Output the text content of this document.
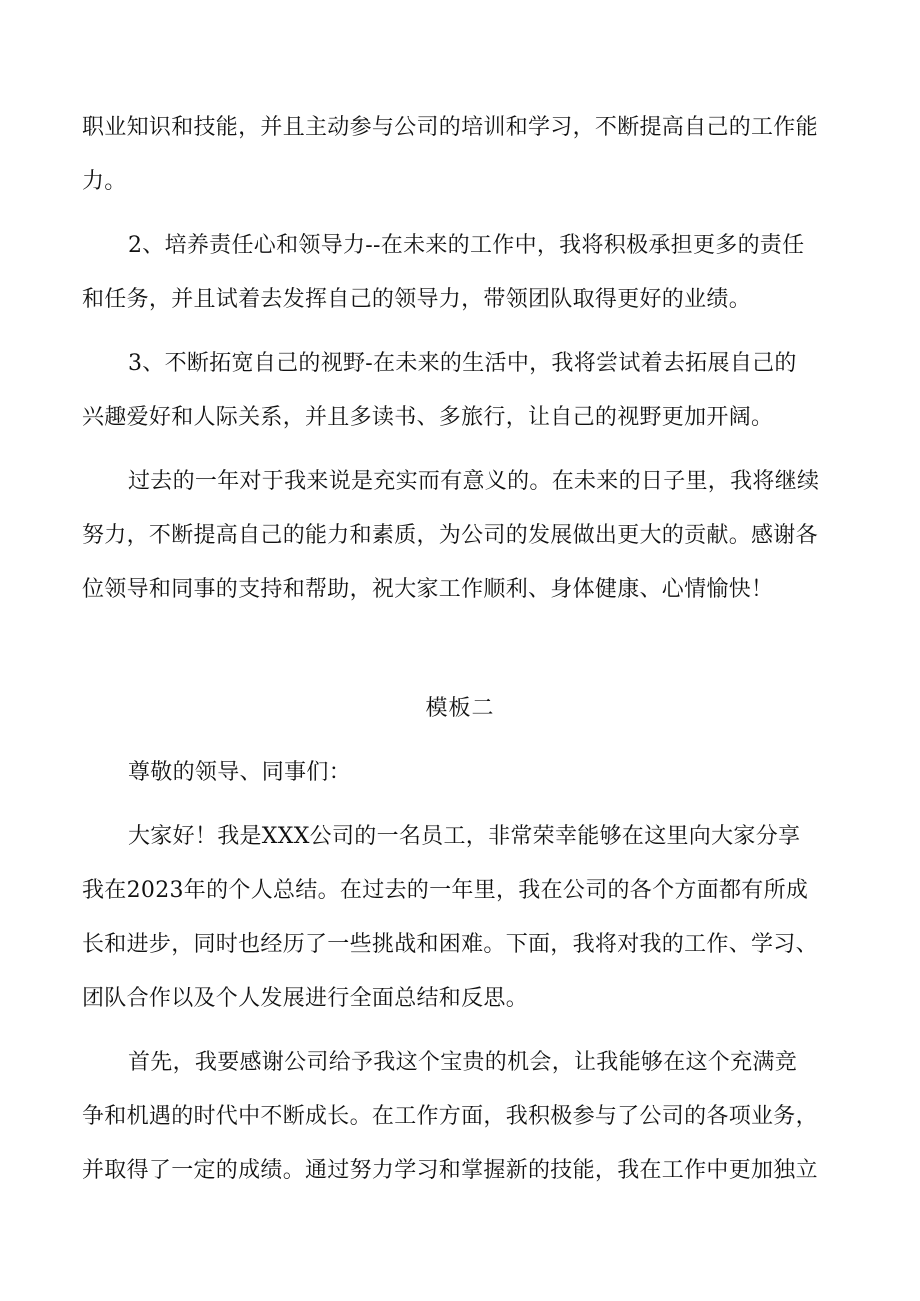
职业知识和技能，并且主动参与公司的培训和学习，不断提高自己的工作能
力。
2、培养责任心和领导力--在未来的工作中，我将积极承担更多的责任
和任务，并且试着去发挥自己的领导力，带领团队取得更好的业绩。
3、不断拓宽自己的视野-在未来的生活中，我将尝试着去拓展自己的
兴趣爱好和人际关系，并且多读书、多旅行，让自己的视野更加开阔。
过去的一年对于我来说是充实而有意义的。在未来的日子里，我将继续
努力，不断提高自己的能力和素质，为公司的发展做出更大的贡献。感谢各
位领导和同事的支持和帮助，祝大家工作顺利、身体健康、心情愉快！
模板二
尊敬的领导、同事们：
大家好！我是XXX公司的一名员工，非常荣幸能够在这里向大家分享
我在2023年的个人总结。在过去的一年里，我在公司的各个方面都有所成
长和进步，同时也经历了一些挑战和困难。下面，我将对我的工作、学习、
团队合作以及个人发展进行全面总结和反思。
首先，我要感谢公司给予我这个宝贵的机会，让我能够在这个充满竞
争和机遇的时代中不断成长。在工作方面，我积极参与了公司的各项业务，
并取得了一定的成绩。通过努力学习和掌握新的技能，我在工作中更加独立
